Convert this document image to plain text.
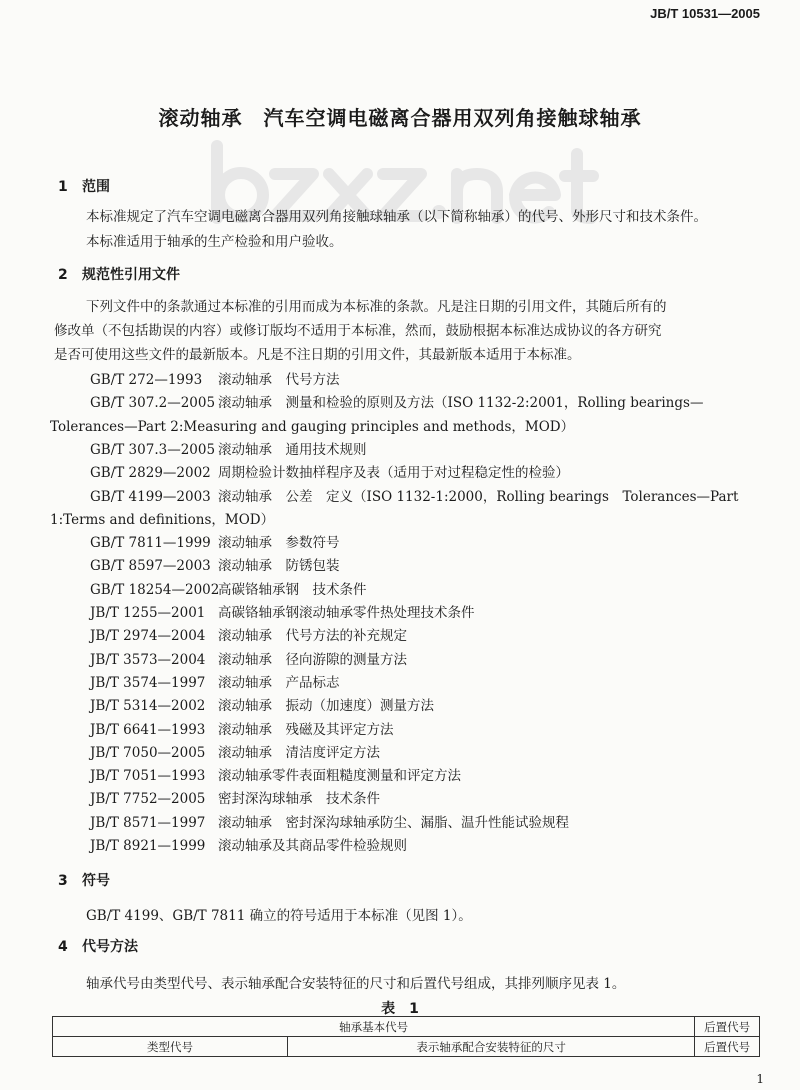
JB/T 10531—2005
滚动轴承　汽车空调电磁离合器用双列角接触球轴承
1 范围
本标准规定了汽车空调电磁离合器用双列角接触球轴承（以下简称轴承）的代号、外形尺寸和技术条件。
本标准适用于轴承的生产检验和用户验收。
2 规范性引用文件
下列文件中的条款通过本标准的引用而成为本标准的条款。凡是注日期的引用文件，其随后所有的
修改单（不包括勘误的内容）或修订版均不适用于本标准，然而，鼓励根据本标准达成协议的各方研究
是否可使用这些文件的最新版本。凡是不注日期的引用文件，其最新版本适用于本标准。
GB/T 272—1993 滚动轴承　代号方法
GB/T 307.2—2005 滚动轴承　测量和检验的原则及方法（ISO 1132-2:2001，Rolling bearings—
Tolerances—Part 2:Measuring and gauging principles and methods，MOD）
GB/T 307.3—2005 滚动轴承　通用技术规则
GB/T 2829—2002 周期检验计数抽样程序及表（适用于对过程稳定性的检验）
GB/T 4199—2003 滚动轴承　公差　定义（ISO 1132-1:2000，Rolling bearings　Tolerances—Part
1:Terms and definitions，MOD）
GB/T 7811—1999 滚动轴承　参数符号
GB/T 8597—2003 滚动轴承　防锈包装
GB/T 18254—2002高碳铬轴承钢　技术条件
JB/T 1255—2001 高碳铬轴承钢滚动轴承零件热处理技术条件
JB/T 2974—2004 滚动轴承　代号方法的补充规定
JB/T 3573—2004 滚动轴承　径向游隙的测量方法
JB/T 3574—1997 滚动轴承　产品标志
JB/T 5314—2002 滚动轴承　振动（加速度）测量方法
JB/T 6641—1993 滚动轴承　残磁及其评定方法
JB/T 7050—2005 滚动轴承　清洁度评定方法
JB/T 7051—1993 滚动轴承零件表面粗糙度测量和评定方法
JB/T 7752—2005 密封深沟球轴承　技术条件
JB/T 8571—1997 滚动轴承　密封深沟球轴承防尘、漏脂、温升性能试验规程
JB/T 8921—1999 滚动轴承及其商品零件检验规则
3 符号
GB/T 4199、GB/T 7811 确立的符号适用于本标准（见图 1）。
4 代号方法
轴承代号由类型代号、表示轴承配合安装特征的尺寸和后置代号组成，其排列顺序见表 1。
表　1
轴承基本代号		后置代号
类型代号	表示轴承配合安装特征的尺寸	后置代号
1
